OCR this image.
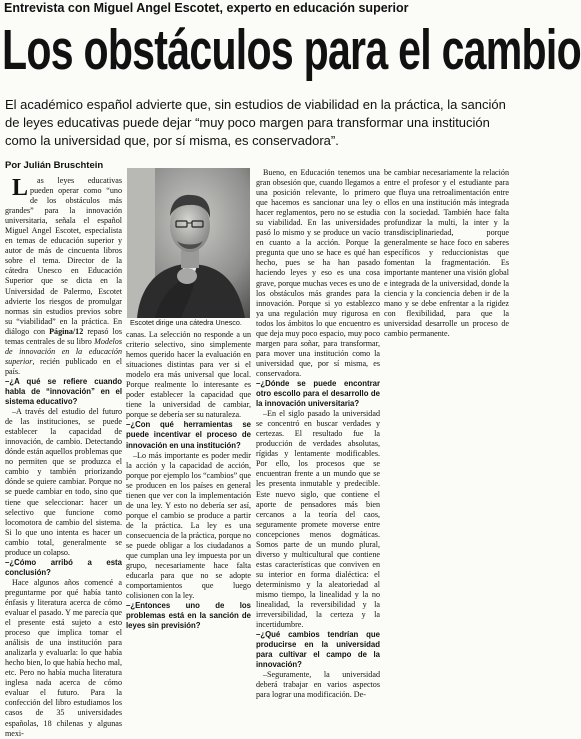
Entrevista con Miguel Angel Escotet, experto en educación superior
Los obstáculos para el cambio

El académico español advierte que, sin estudios de viabilidad en la práctica, la sanción de leyes educativas puede dejar “muy poco margen para transformar una institución como la universidad que, por sí misma, es conservadora”.

Por Julián Bruschtein

Las leyes educativas pueden operar como “uno de los obstáculos más grandes” para la innovación universitaria, señala el español Miguel Angel Escotet, especialista en temas de educación superior y autor de más de cincuenta libros sobre el tema. Director de la cátedra Unesco en Educación Superior que se dicta en la Universidad de Palermo, Escotet advierte los riesgos de promulgar normas sin estudios previos sobre su “viabilidad” en la práctica. En diálogo con Página/12 repasó los temas centrales de su libro Modelos de innovación en la educación superior, recién publicado en el país.

–¿A qué se refiere cuando habla de “innovación” en el sistema educativo?

–A través del estudio del futuro de las instituciones, se puede establecer la capacidad de innovación, de cambio. Detectando dónde están aquellos problemas que no permiten que se produzca el cambio y también priorizando dónde se quiere cambiar. Porque no se puede cambiar en todo, sino que tiene que seleccionar: hacer un selectivo que funcione como locomotora de cambio del sistema. Si lo que uno intenta es hacer un cambio total, generalmente se produce un colapso.

–¿Cómo arribó a esta conclusión?

Hace algunos años comencé a preguntarme por qué había tanto énfasis y literatura acerca de cómo evaluar el pasado. Y me parecía que el presente está sujeto a esto proceso que implica tomar el análisis de una institución para analizarla y evaluarla: lo que había hecho bien, lo que había hecho mal, etc. Pero no había mucha literatura inglesa nada acerca de cómo evaluar el futuro. Para la confección del libro estudiamos los casos de 35 universidades españolas, 18 chilenas y algunas mexi-

Escotet dirige una cátedra Unesco.

canas. La selección no responde a un criterio selectivo, sino simplemente hemos querido hacer la evaluación en situaciones distintas para ver si el modelo era más universal que local. Porque realmente lo interesante es poder establecer la capacidad que tiene la universidad de cambiar, porque se debería ser su naturaleza.

–¿Con qué herramientas se puede incentivar el proceso de innovación en una institución?

–Lo más importante es poder medir la acción y la capacidad de acción, porque por ejemplo los “cambios” que se producen en los países en general tienen que ver con la implementación de una ley. Y esto no debería ser así, porque el cambio se produce a partir de la práctica. La ley es una consecuencia de la práctica, porque no se puede obligar a los ciudadanos a que cumplan una ley impuesta por un grupo, necesariamente hace falta educarla para que no se adopte comportamientos que luego colisionen con la ley.

–¿Entonces uno de los problemas está en la sanción de leyes sin previsión?

Bueno, en Educación tenemos una gran obsesión que, cuando llegamos a una posición relevante, lo primero que hacemos es sancionar una ley o hacer reglamentos, pero no se estudia su viabilidad. En las universidades pasó lo mismo y se produce un vacío en cuanto a la acción. Porque la pregunta que uno se hace es qué han hecho, pues se ha han pasado haciendo leyes y eso es una cosa grave, porque muchas veces es uno de los obstáculos más grandes para la innovación. Porque si yo establezco ya una regulación muy rigurosa en todos los ámbitos lo que encuentro es que deja muy poco espacio, muy poco margen para soñar, para transformar, para mover una institución como la universidad que, por sí misma, es conservadora.

–¿Dónde se puede encontrar otro escollo para el desarrollo de la innovación universitaria?

–En el siglo pasado la universidad se concentró en buscar verdades y certezas. El resultado fue la producción de verdades absolutas, rígidas y lentamente modificables. Por ello, los procesos que se encuentran frente a un mundo que se les presenta inmutable y predecible. Este nuevo siglo, que contiene el aporte de pensadores más bien cercanos a la teoría del caos, seguramente promete moverse entre concepciones menos dogmáticas. Somos parte de un mundo plural, diverso y multicultural que contiene estas características que conviven en su interior en forma dialéctica: el determinismo y la aleatoriedad al mismo tiempo, la linealidad y la no linealidad, la reversibilidad y la irreversibilidad, la certeza y la incertidumbre.

–¿Qué cambios tendrían que producirse en la universidad para cultivar el campo de la innovación?

–Seguramente, la universidad deberá trabajar en varios aspectos para lograr una modificación. De-

be cambiar necesariamente la relación entre el profesor y el estudiante para que fluya una retroalimentación entre ellos en una institución más integrada con la sociedad. También hace falta profundizar la multi, la inter y la transdisciplinariedad, porque generalmente se hace foco en saberes específicos y reduccionistas que fomentan la fragmentación. Es importante mantener una visión global e integrada de la universidad, donde la ciencia y la conciencia deben ir de la mano y se debe enfrentar a la rigidez con flexibilidad, para que la universidad desarrolle un proceso de cambio permanente.
